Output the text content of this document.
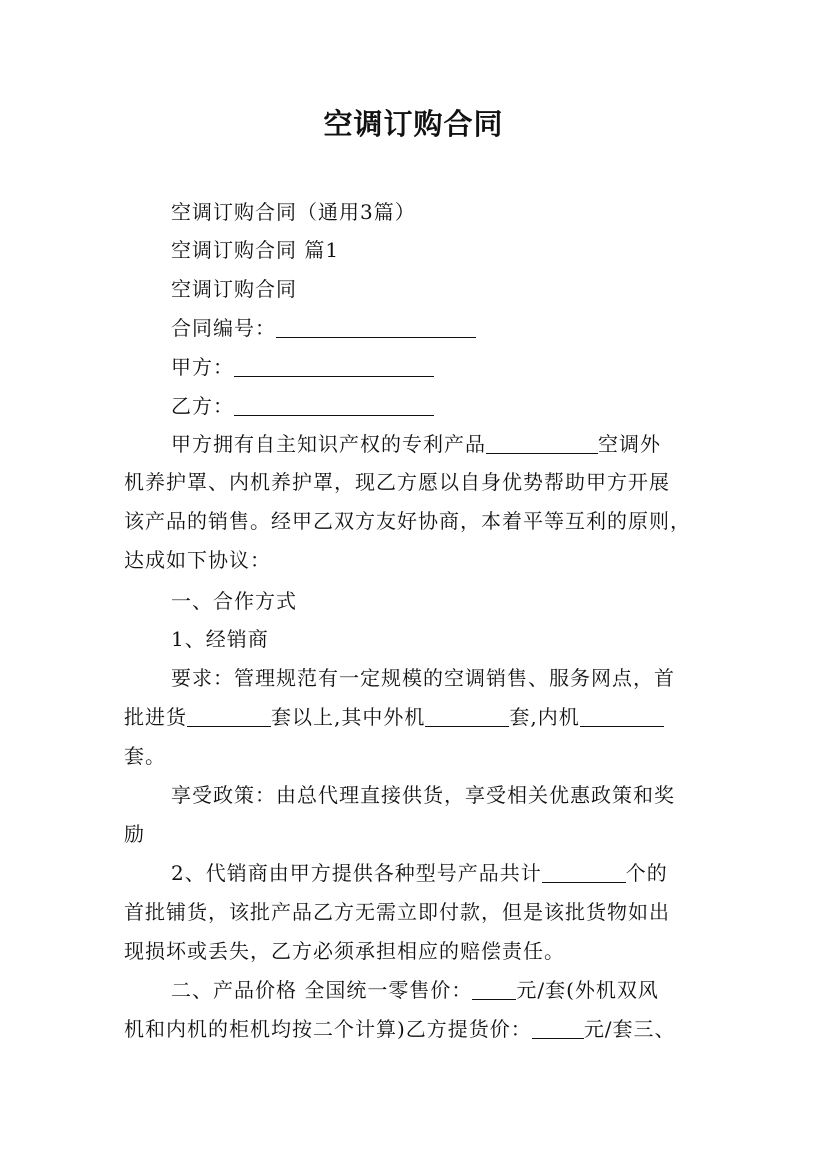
空调订购合同
空调订购合同（通用3篇）
空调订购合同 篇1
空调订购合同
合同编号：
甲方：
乙方：
甲方拥有自主知识产权的专利产品	空调外
机养护罩、内机养护罩，现乙方愿以自身优势帮助甲方开展
该产品的销售。经甲乙双方友好协商，本着平等互利的原则，
达成如下协议：
一、合作方式
1、经销商
要求：管理规范有一定规模的空调销售、服务网点，首
批进货	套以上,其中外机	套,内机
套。
享受政策：由总代理直接供货，享受相关优惠政策和奖
励
2、代销商由甲方提供各种型号产品共计	个的
首批铺货，该批产品乙方无需立即付款，但是该批货物如出
现损坏或丢失，乙方必须承担相应的赔偿责任。
二、产品价格 全国统一零售价： 元/套(外机双风
机和内机的柜机均按二个计算)乙方提货价：	元/套三、
